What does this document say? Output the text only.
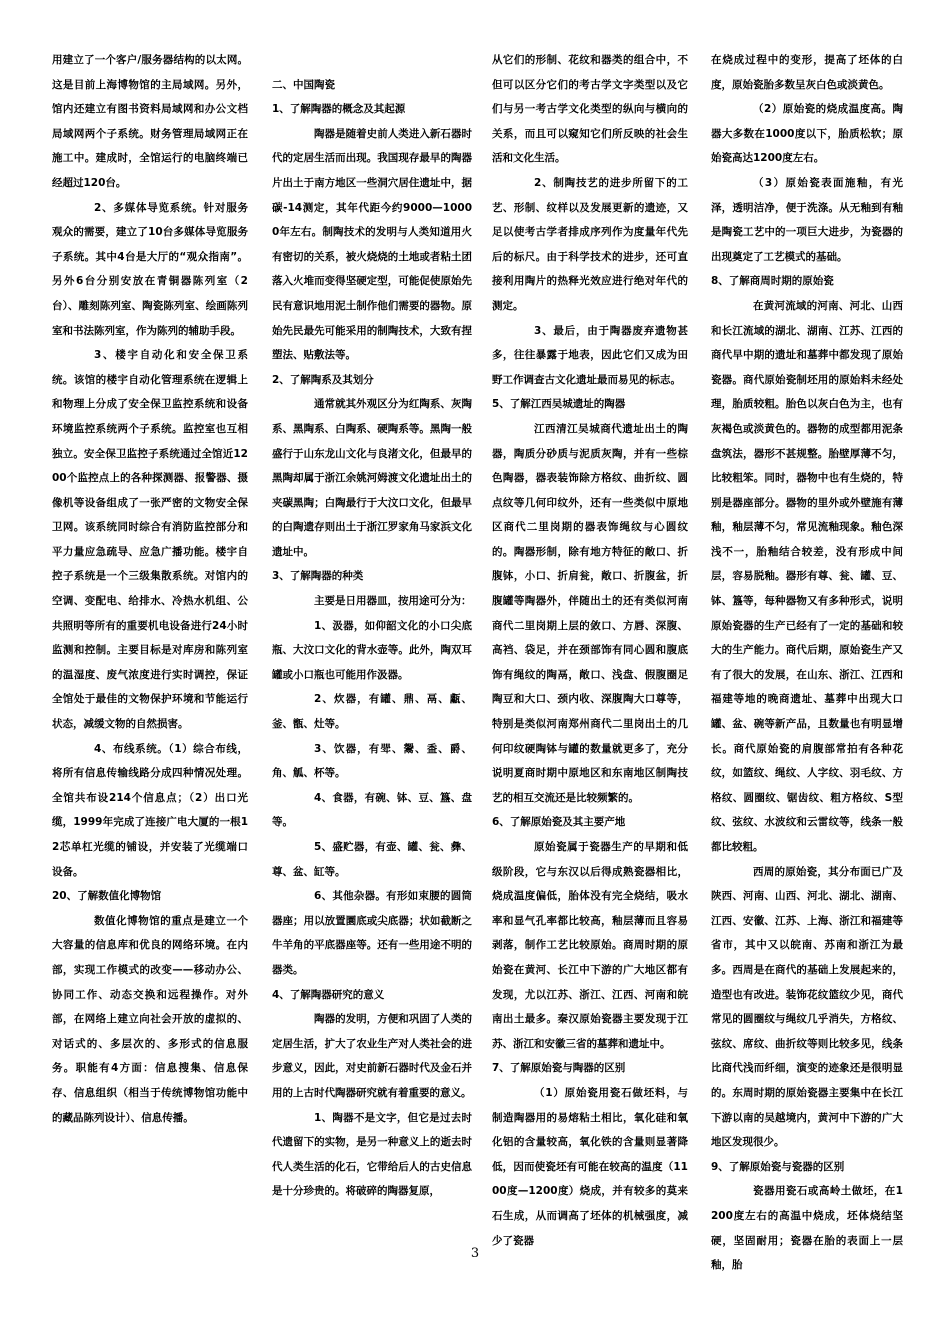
用建立了一个客户/服务器结构的以太网。这是目前上海博物馆的主局域网。另外，馆内还建立有图书资料局域网和办公文档局域网两个子系统。财务管理局域网正在施工中。建成时，全馆运行的电脑终端已经超过120台。

2、多媒体导览系统。针对服务观众的需要，建立了10台多媒体导览服务子系统。其中4台是大厅的“观众指南”。另外6台分别安放在青铜器陈列室（2台）、雕刻陈列室、陶瓷陈列室、绘画陈列室和书法陈列室，作为陈列的辅助手段。

3、楼宇自动化和安全保卫系统。该馆的楼宇自动化管理系统在逻辑上和物理上分成了安全保卫监控系统和设备环境监控系统两个子系统。监控室也互相独立。安全保卫监控子系统通过全馆近1200个监控点上的各种探测器、报警器、摄像机等设备组成了一张严密的文物安全保卫网。该系统同时综合有消防监控部分和平力量应急疏导、应急广播功能。楼宇自控子系统是一个三级集散系统。对馆内的空调、变配电、给排水、冷热水机组、公共照明等所有的重要机电设备进行24小时监测和控制。主要目标是对库房和陈列室的温湿度、废气浓度进行实时调控，保证全馆处于最佳的文物保护环境和节能运行状态，减缓文物的自然损害。

4、布线系统。（1）综合布线，将所有信息传输线路分成四种情况处理。全馆共布设214个信息点；（2）出口光缆，1999年完成了连接广电大厦的一根12芯单杠光缆的铺设，并安装了光缆端口设备。

20、了解数值化博物馆

数值化博物馆的重点是建立一个大容量的信息库和优良的网络环境。在内部，实现工作模式的改变——移动办公、协同工作、动态交换和远程操作。对外部，在网络上建立向社会开放的虚拟的、对话式的、多层次的、多形式的信息服务。职能有4方面：信息搜集、信息保存、信息组织（相当于传统博物馆功能中的藏品陈列设计）、信息传播。

二、中国陶瓷

1、了解陶器的概念及其起源

陶器是随着史前人类进入新石器时代的定居生活而出现。我国现存最早的陶器片出土于南方地区一些洞穴居住遗址中，据碳-14测定，其年代距今约9000—10000年左右。制陶技术的发明与人类知道用火有密切的关系，被火烧烧的土地或者粘土团落入火堆而变得坚硬定型，可能促使原始先民有意识地用泥土制作他们需要的器物。原始先民最先可能采用的制陶技术，大致有捏塑法、贴敷法等。

2、了解陶系及其划分

通常就其外观区分为红陶系、灰陶系、黑陶系、白陶系、硬陶系等。黑陶一般盛行于山东龙山文化与良渚文化，但最早的黑陶却属于浙江余姚河姆渡文化遗址出土的夹碳黑陶；白陶最行于大汶口文化，但最早的白陶遗存则出土于浙江罗家角马家浜文化遗址中。

3、了解陶器的种类

主要是日用器皿，按用途可分为：

1、汲器，如仰韶文化的小口尖底瓶、大汶口文化的背水壶等。此外，陶双耳罐或小口瓶也可能用作汲器。

2、炊器，有罐、鼎、鬲、甗、釜、甑、灶等。

3、饮器，有斝、鬶、盉、爵、角、觚、杯等。

4、食器，有碗、钵、豆、簋、盘等。

5、盛贮器，有壶、罐、瓮、彝、尊、盆、缸等。

6、其他杂器。有形如束腰的圆筒器座；用以放置圜底或尖底器；状如截断之牛羊角的平底器座等。还有一些用途不明的器类。

4、了解陶器研究的意义

陶器的发明，方便和巩固了人类的定居生活，扩大了农业生产对人类社会的进步意义，因此，对史前新石器时代及金石并用的上古时代陶器研究就有着重要的意义。

1、陶器不是文字，但它是过去时代遗留下的实物，是另一种意义上的逝去时代人类生活的化石，它带给后人的古史信息是十分珍贵的。将破碎的陶器复原，

从它们的形制、花纹和器类的组合中，不但可以区分它们的考古学文字类型以及它们与另一考古学文化类型的纵向与横向的关系，而且可以窥知它们所反映的社会生活和文化生活。

2、制陶技艺的进步所留下的工艺、形制、纹样以及发展更新的遗迹，又足以使考古学者排成序列作为度量年代先后的标尺。由于科学技术的进步，还可直接利用陶片的热释光效应进行绝对年代的测定。

3、最后，由于陶器废弃遗物甚多，往往暴露于地表，因此它们又成为田野工作调查古文化遗址最而易见的标志。

5、了解江西吴城遗址的陶器

江西清江吴城商代遗址出土的陶器，陶质分砂质与泥质灰陶，并有一些棕色陶器，器表装饰除方格纹、曲折纹、圆点纹等几何印纹外，还有一些类似中原地区商代二里岗期的器表饰绳纹与心圆纹的。陶器形制，除有地方特征的敞口、折腹钵，小口、折肩瓮，敞口、折腹盆，折腹罐等陶器外，伴随出土的还有类似河南商代二里岗期上层的敛口、方唇、深腹、高裆、袋足，并在颈部饰有同心圆和腹底饰有绳纹的陶鬲，敞口、浅盘、假腹圈足陶豆和大口、颈内收、深腹陶大口尊等，特别是类似河南郑州商代二里岗出土的几何印纹硬陶钵与罐的数量就更多了，充分说明夏商时期中原地区和东南地区制陶技艺的相互交流还是比较频繁的。

6、了解原始瓷及其主要产地

原始瓷属于瓷器生产的早期和低级阶段，它与东汉以后得成熟瓷器相比，烧成温度偏低，胎体没有完全烧结，吸水率和显气孔率都比较高，釉层薄而且容易剥落，制作工艺比较原始。商周时期的原始瓷在黄河、长江中下游的广大地区都有发现，尤以江苏、浙江、江西、河南和皖南出土最多。秦汉原始瓷器主要发现于江苏、浙江和安徽三省的墓葬和遗址中。

7、了解原始瓷与陶器的区别

（1）原始瓷用瓷石做坯料，与制造陶器用的易熔粘土相比，氧化硅和氧化铝的含量较高，氧化铁的含量则显著降低，因而使瓷坯有可能在较高的温度（1100度—1200度）烧成，并有较多的莫来石生成，从而调高了坯体的机械强度，减少了瓷器

在烧成过程中的变形，提高了坯体的白度，原始瓷胎多数呈灰白色或淡黄色。

（2）原始瓷的烧成温度高。陶器大多数在1000度以下，胎质松软；原始瓷高达1200度左右。

（3）原始瓷表面施釉，有光泽，透明洁净，便于洗涤。从无釉到有釉是陶瓷工艺中的一项巨大进步，为瓷器的出现奠定了工艺模式的基础。

8、了解商周时期的原始瓷

在黄河流域的河南、河北、山西和长江流域的湖北、湖南、江苏、江西的商代早中期的遗址和墓葬中都发现了原始瓷器。商代原始瓷制坯用的原始料未经处理，胎质较粗。胎色以灰白色为主，也有灰褐色或淡黄色的。器物的成型都用泥条盘筑法，器形不甚规整。胎壁厚薄不匀，比较粗笨。同时，器物中也有生烧的，特别是器座部分。器物的里外或外壁施有薄釉，釉层薄不匀，常见流釉现象。釉色深浅不一，胎釉结合较差，没有形成中间层，容易脱釉。器形有尊、瓮、罐、豆、钵、簋等，每种器物又有多种形式，说明原始瓷器的生产已经有了一定的基础和较大的生产能力。商代后期，原始瓷生产又有了很大的发展，在山东、浙江、江西和福建等地的晚商遗址、墓葬中出现大口罐、盆、碗等新产品，且数量也有明显增长。商代原始瓷的肩腹部常拍有各种花纹，如篮纹、绳纹、人字纹、羽毛纹、方格纹、圆圈纹、锯齿纹、粗方格纹、S型纹、弦纹、水波纹和云雷纹等，线条一般都比较粗。

西周的原始瓷，其分布面已广及陕西、河南、山西、河北、湖北、湖南、江西、安徽、江苏、上海、浙江和福建等省市，其中又以皖南、苏南和浙江为最多。西周是在商代的基础上发展起来的，造型也有改进。装饰花纹篮纹少见，商代常见的圆圈纹与绳纹几乎消失，方格纹、弦纹、席纹、曲折纹等则比较多见，线条比商代浅而纤细，演变的迹象还是很明显的。东周时期的原始瓷器主要集中在长江下游以南的吴越境内，黄河中下游的广大地区发现很少。

9、了解原始瓷与瓷器的区别

瓷器用瓷石或高岭土做坯，在1200度左右的高温中烧成，坯体烧结坚硬，坚固耐用；瓷器在胎的表面上一层釉，胎

3
